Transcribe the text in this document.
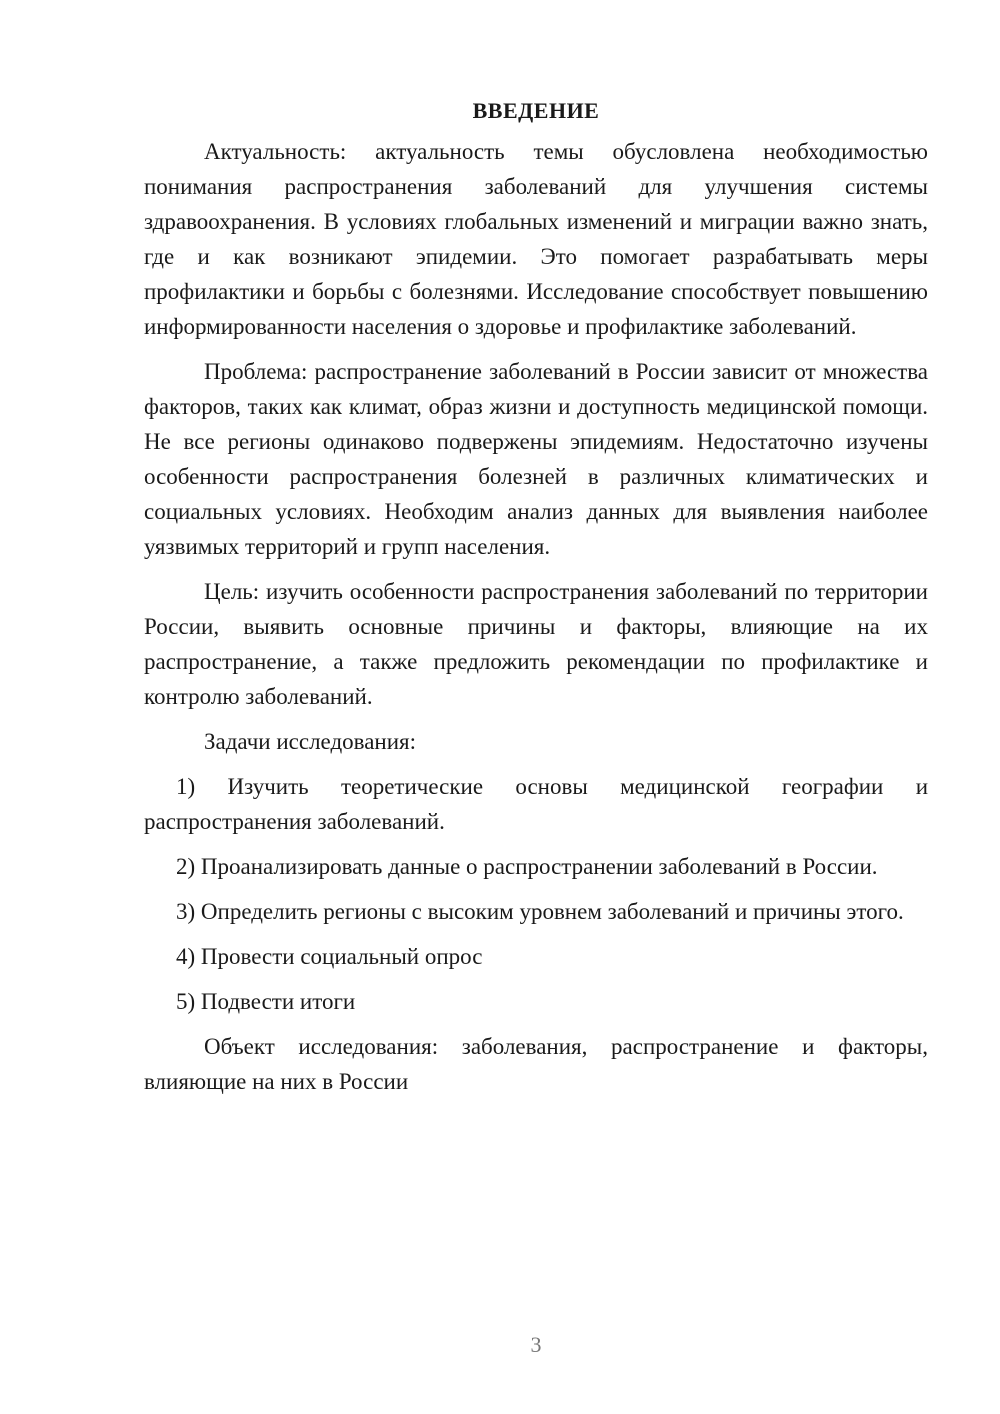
ВВЕДЕНИЕ

Актуальность: актуальность темы обусловлена необходимостью понимания распространения заболеваний для улучшения системы здравоохранения. В условиях глобальных изменений и миграции важно знать, где и как возникают эпидемии. Это помогает разрабатывать меры профилактики и борьбы с болезнями. Исследование способствует повышению информированности населения о здоровье и профилактике заболеваний.

Проблема: распространение заболеваний в России зависит от множества факторов, таких как климат, образ жизни и доступность медицинской помощи. Не все регионы одинаково подвержены эпидемиям. Недостаточно изучены особенности распространения болезней в различных климатических и социальных условиях. Необходим анализ данных для выявления наиболее уязвимых территорий и групп населения.

Цель: изучить особенности распространения заболеваний по территории России, выявить основные причины и факторы, влияющие на их распространение, а также предложить рекомендации по профилактике и контролю заболеваний.

Задачи исследования:

1) Изучить теоретические основы медицинской географии и распространения заболеваний.

2) Проанализировать данные о распространении заболеваний в России.

3) Определить регионы с высоким уровнем заболеваний и причины этого.

4) Провести социальный опрос

5) Подвести итоги

Объект исследования: заболевания, распространение и факторы, влияющие на них в России

3
